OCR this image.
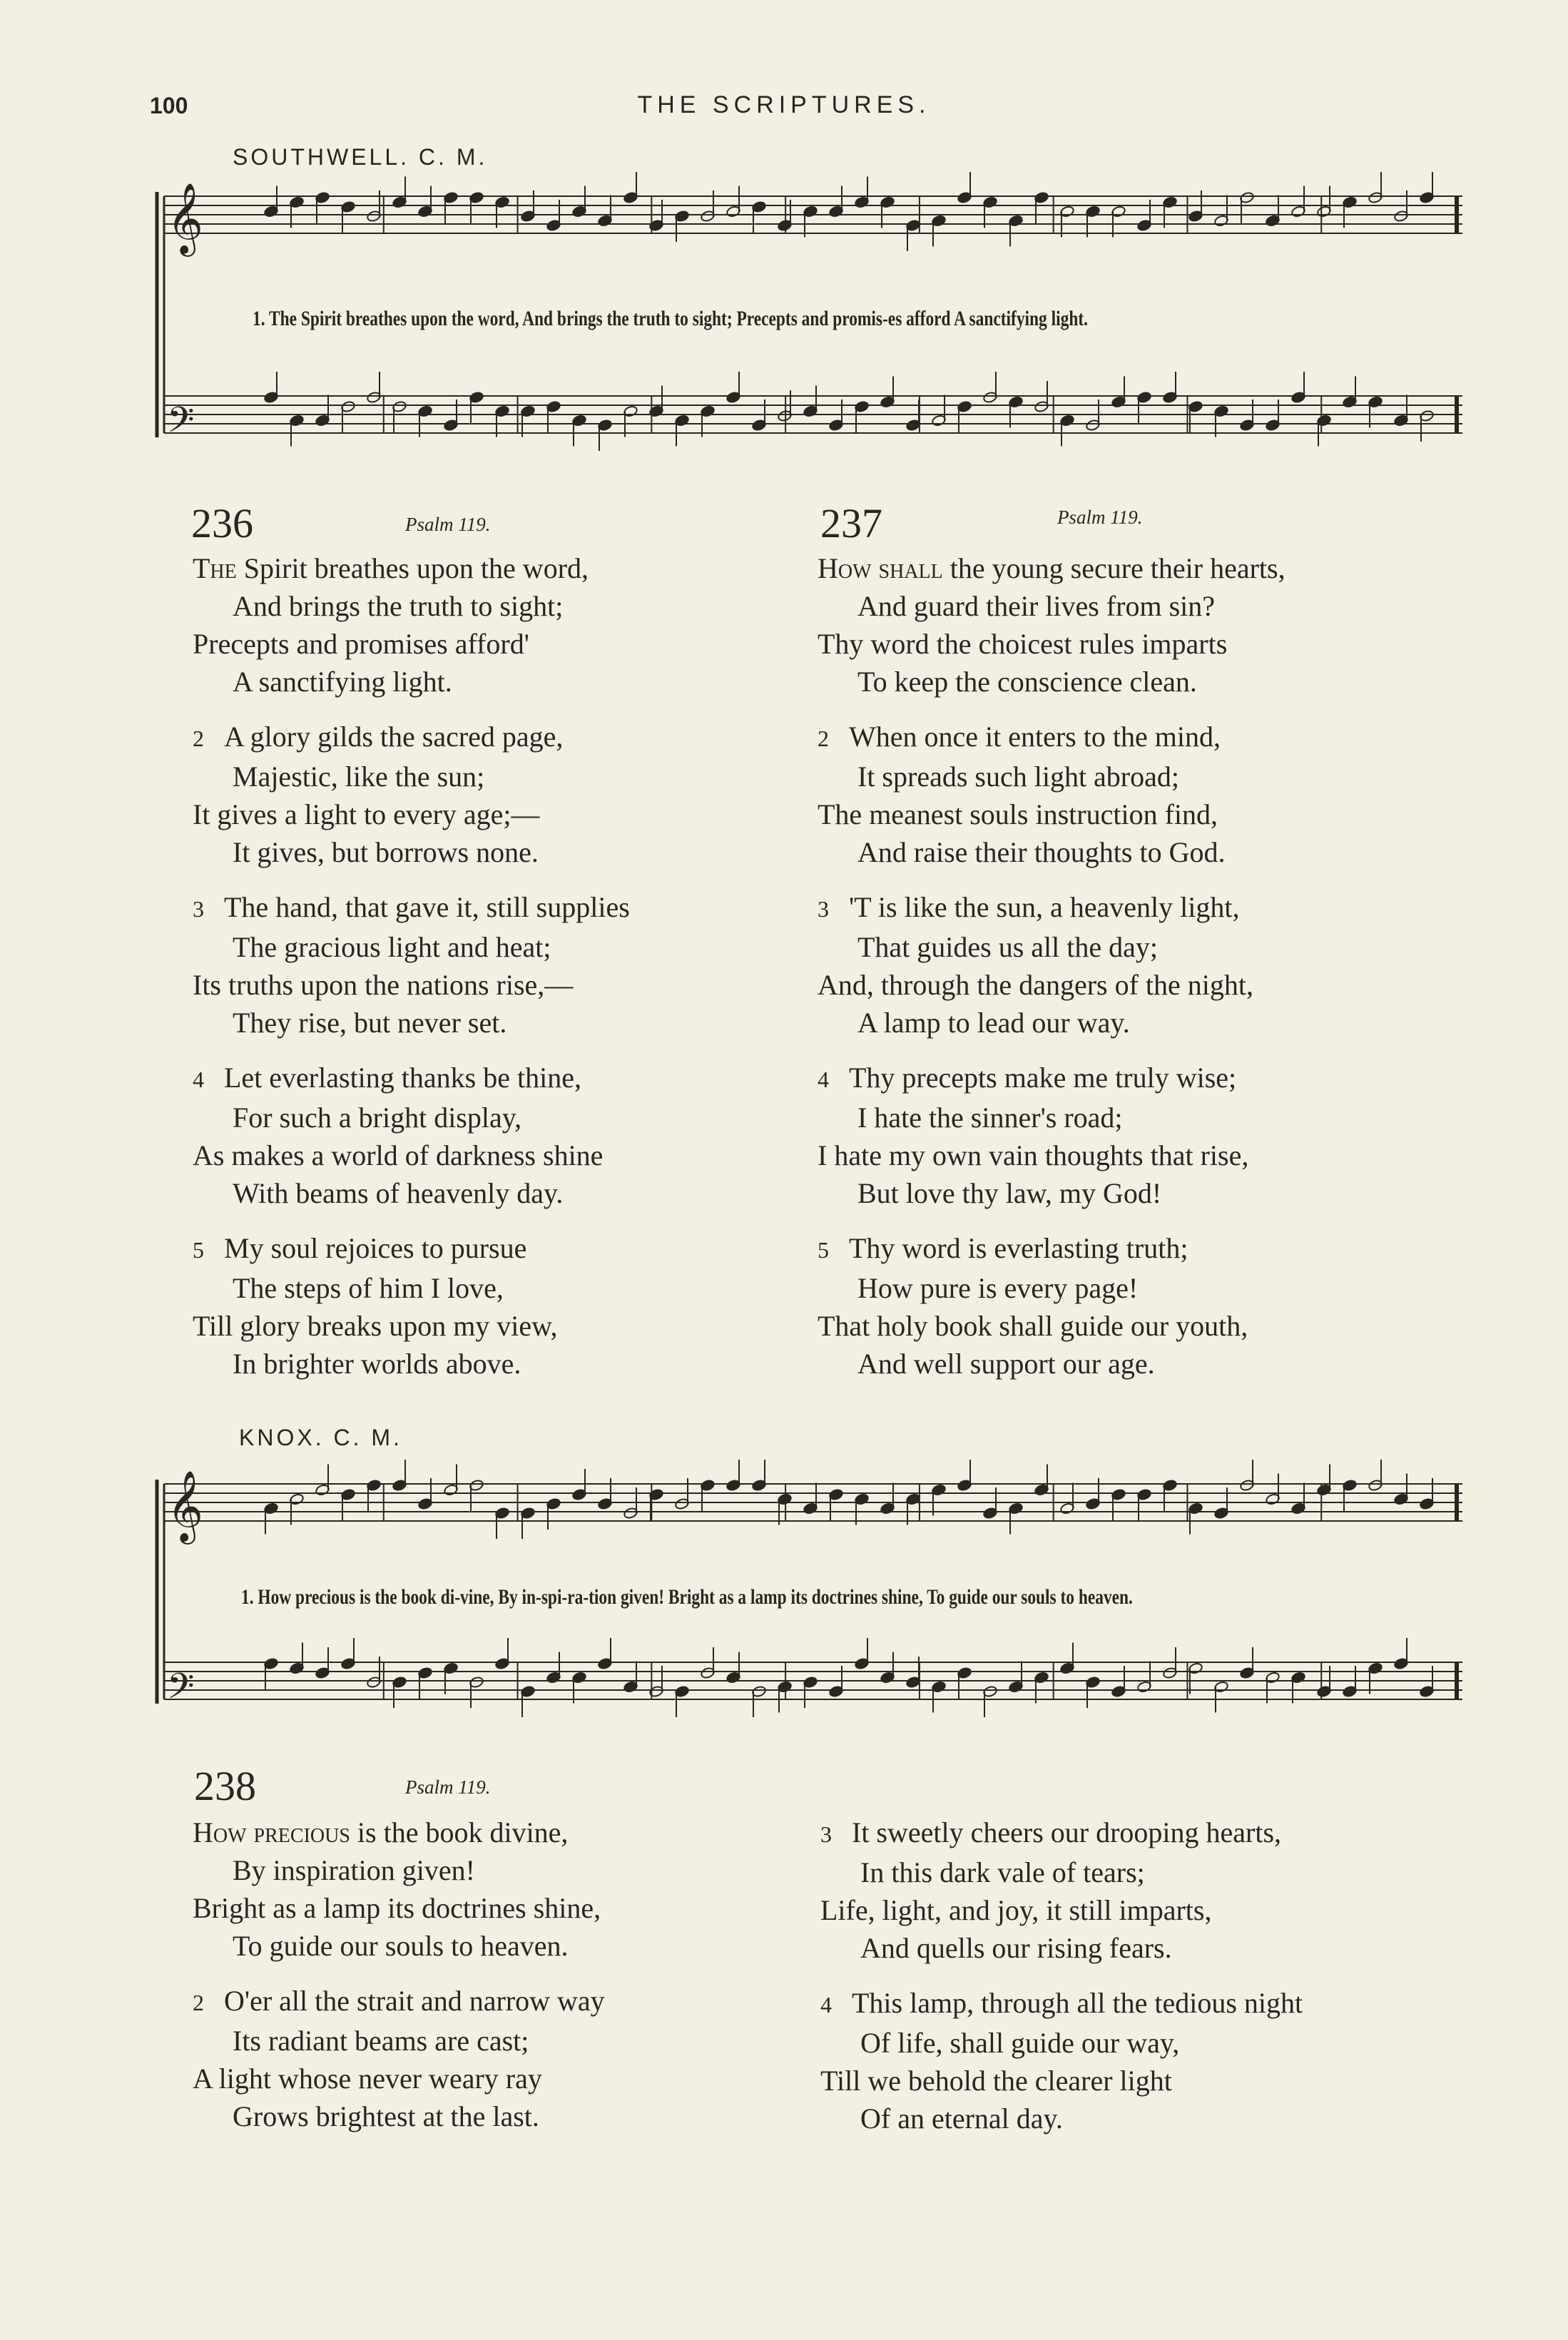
100	THE SCRIPTURES.
SOUTHWELL. C. M.
𝄞
𝄢
1. The Spirit breathes upon the word, And brings the truth to sight; Precepts and promis-es afford A sanctifying light.
KNOX. C. M.
𝄞
𝄢
1. How precious is the book di-vine, By in-spi-ra-tion given! Bright as a lamp its doctrines shine, To guide our souls to heaven.
236	Psalm 119.
The Spirit breathes upon the word,
And brings the truth to sight;
Precepts and promises afford'
A sanctifying light.
2 A glory gilds the sacred page,
Majestic, like the sun;
It gives a light to every age;—
It gives, but borrows none.
3 The hand, that gave it, still supplies
The gracious light and heat;
Its truths upon the nations rise,—
They rise, but never set.
4 Let everlasting thanks be thine,
For such a bright display,
As makes a world of darkness shine
With beams of heavenly day.
5 My soul rejoices to pursue
The steps of him I love,
Till glory breaks upon my view,
In brighter worlds above.
237	Psalm 119.
How shall the young secure their hearts,
And guard their lives from sin?
Thy word the choicest rules imparts
To keep the conscience clean.
2 When once it enters to the mind,
It spreads such light abroad;
The meanest souls instruction find,
And raise their thoughts to God.
3 'T is like the sun, a heavenly light,
That guides us all the day;
And, through the dangers of the night,
A lamp to lead our way.
4 Thy precepts make me truly wise;
I hate the sinner's road;
I hate my own vain thoughts that rise,
But love thy law, my God!
5 Thy word is everlasting truth;
How pure is every page!
That holy book shall guide our youth,
And well support our age.
238	Psalm 119.
How precious is the book divine,
By inspiration given!
Bright as a lamp its doctrines shine,
To guide our souls to heaven.
2 O'er all the strait and narrow way
Its radiant beams are cast;
A light whose never weary ray
Grows brightest at the last.
3 It sweetly cheers our drooping hearts,
In this dark vale of tears;
Life, light, and joy, it still imparts,
And quells our rising fears.
4 This lamp, through all the tedious night
Of life, shall guide our way,
Till we behold the clearer light
Of an eternal day.
